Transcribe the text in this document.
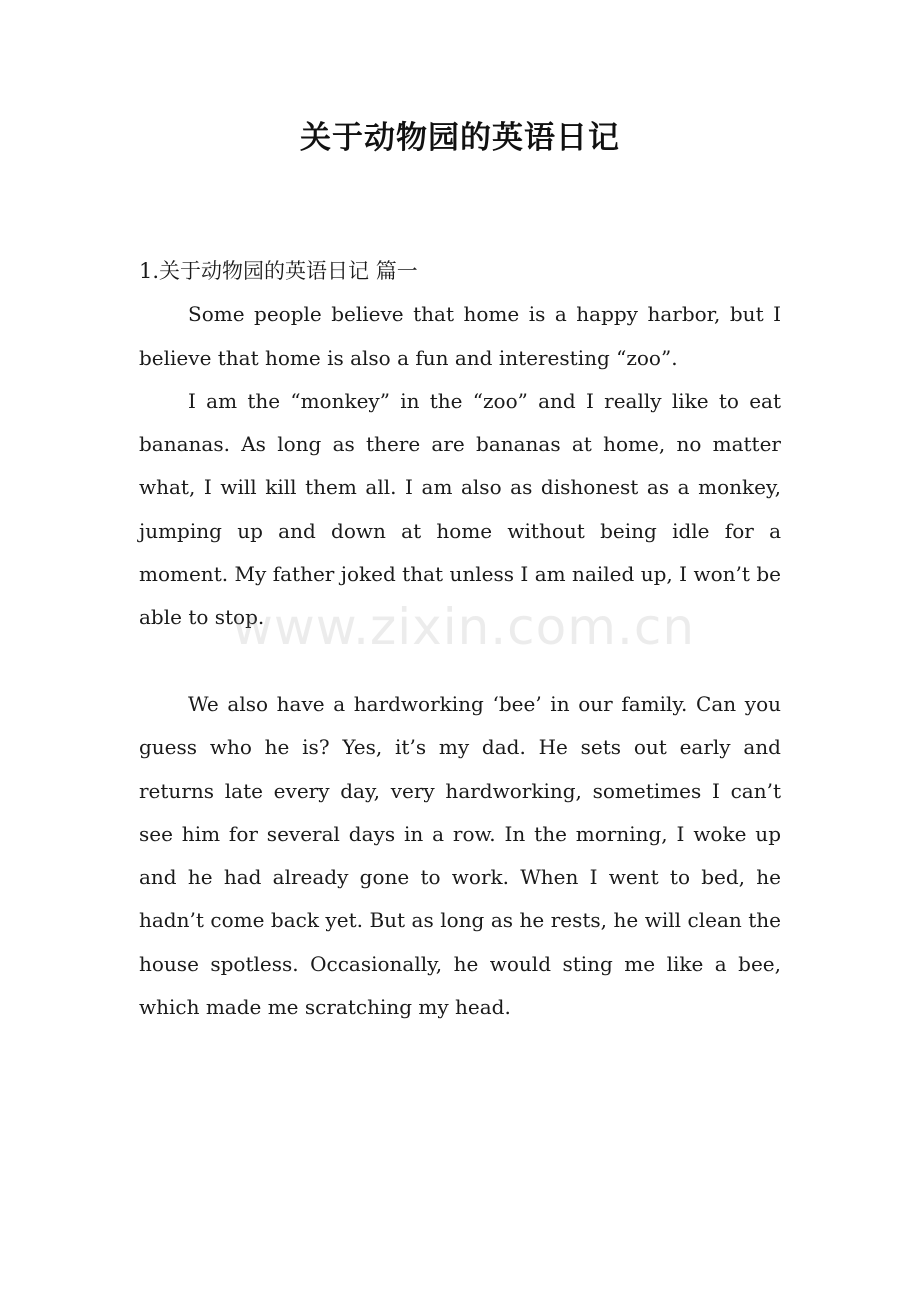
关于动物园的英语日记

1.关于动物园的英语日记 篇一

Some people believe that home is a happy harbor, but I believe that home is also a fun and interesting “zoo”.

I am the “monkey” in the “zoo” and I really like to eat bananas. As long as there are bananas at home, no matter what, I will kill them all. I am also as dishonest as a monkey, jumping up and down at home without being idle for a moment. My father joked that unless I am nailed up, I won’t be able to stop.

We also have a hardworking ‘bee’ in our family. Can you guess who he is? Yes, it’s my dad. He sets out early and returns late every day, very hardworking, sometimes I can’t see him for several days in a row. In the morning, I woke up and he had already gone to work. When I went to bed, he hadn’t come back yet. But as long as he rests, he will clean the house spotless. Occasionally, he would sting me like a bee, which made me scratching my head.

www.zixin.com.cn
